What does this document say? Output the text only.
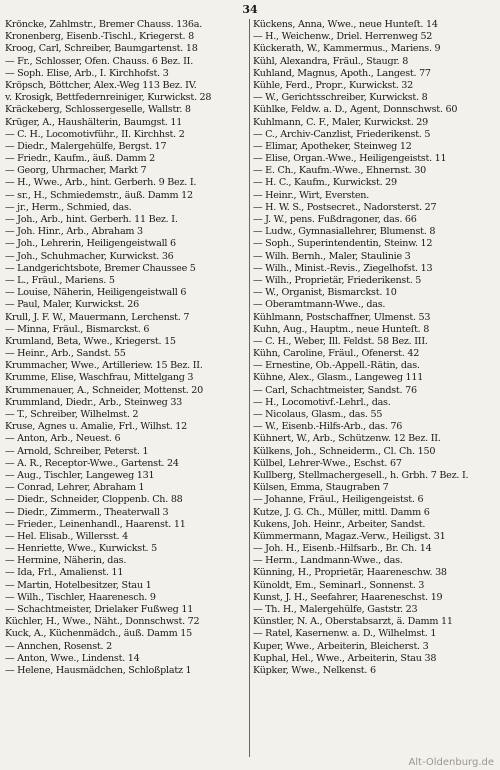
34
Kröncke, Zahlmstr., Bremer Chauss. 136a.
Kronenberg, Eisenb.-Tischl., Kriegerst. 8
Kroog, Carl, Schreiber, Baumgartenst. 18
— Fr., Schlosser, Ofen. Chauss. 6 Bez. II.
— Soph. Elise, Arb., I. Kirchhofst. 3
Kröpsch, Böttcher, Alex.-Weg 113 Bez. IV.
v. Krosigk, Bettfedernreiniger, Kurwickst. 28
Kräckeberg, Schlossergeselle, Wallstr. 8
Krüger, A., Haushälterin, Baumgst. 11
— C. H., Locomotivführ., II. Kirchhst. 2
— Diedr., Malergehülfe, Bergst. 17
— Friedr., Kaufm., äuß. Damm 2
— Georg, Uhrmacher, Markt 7
— H., Wwe., Arb., hint. Gerberh. 9 Bez. I.
— sr., H., Schmiedemstr., äuß. Damm 12
— jr., Herm., Schmied, das.
— Joh., Arb., hint. Gerberh. 11 Bez. I.
— Joh. Hinr., Arb., Abraham 3
— Joh., Lehrerin, Heiligengeistwall 6
— Joh., Schuhmacher, Kurwickst. 36
— Landgerichtsbote, Bremer Chaussee 5
— L., Fräul., Mariens. 5
— Louise, Näherin, Heiligengeistwall 6
— Paul, Maler, Kurwickst. 26
Krull, J. F. W., Mauermann, Lerchenst. 7
— Minna, Fräul., Bismarckst. 6
Krumland, Beta, Wwe., Kriegerst. 15
— Heinr., Arb., Sandst. 55
Krummacher, Wwe., Artilleriew. 15 Bez. II.
Krumme, Elise, Waschfrau, Mittelgang 3
Krummenauer, A., Schneider, Mottenst. 20
Krummland, Diedr., Arb., Steinweg 33
— T., Schreiber, Wilhelmst. 2
Kruse, Agnes u. Amalie, Frl., Wilhst. 12
— Anton, Arb., Neuest. 6
— Arnold, Schreiber, Peterst. 1
— A. R., Receptor-Wwe., Gartenst. 24
— Aug., Tischler, Langeweg 131
— Conrad, Lehrer, Abraham 1
— Diedr., Schneider, Cloppenb. Ch. 88
— Diedr., Zimmerm., Theaterwall 3
— Frieder., Leinenhandl., Haarenst. 11
— Hel. Elisab., Willersst. 4
— Henriette, Wwe., Kurwickst. 5
— Hermine, Näherin, das.
— Ida, Frl., Amalienst. 11
— Martin, Hotelbesitzer, Stau 1
— Wilh., Tischler, Haarenesch. 9
— Schachtmeister, Drielaker Fußweg 11
Küchler, H., Wwe., Näht., Donnschwst. 72
Kuck, A., Küchenmädch., äuß. Damm 15
— Annchen, Rosenst. 2
— Anton, Wwe., Lindenst. 14
— Helene, Hausmädchen, Schloßplatz 1
Kückens, Anna, Wwe., neue Hunteſt. 14
— H., Weichenw., Driel. Herrenweg 52
Kückerath, W., Kammermus., Mariens. 9
Kühl, Alexandra, Fräul., Staugr. 8
Kuhland, Magnus, Apoth., Langest. 77
Kühle, Ferd., Propr., Kurwickst. 32
— W., Gerichtsschreiber, Kurwickst. 8
Kühlke, Feldw. a. D., Agent, Donnschwst. 60
Kuhlmann, C. F., Maler, Kurwickst. 29
— C., Archiv-Canzlist, Friederikenst. 5
— Elimar, Apotheker, Steinweg 12
— Elise, Organ.-Wwe., Heiligengeistst. 11
— E. Ch., Kaufm.-Wwe., Ehnernst. 30
— H. C., Kaufm., Kurwickst. 29
— Heinr., Wirt, Eversten.
— H. W. S., Postsecret., Nadorsterst. 27
— J. W., pens. Fußdragoner, das. 66
— Ludw., Gymnasiallehrer, Blumenst. 8
— Soph., Superintendentin, Steinw. 12
— Wilh. Bernh., Maler, Staulinie 3
— Wilh., Minist.-Revis., Ziegelhofst. 13
— Wilh., Proprietär, Friederikenst. 5
— W., Organist, Bismarckst. 10
— Oberamtmann-Wwe., das.
Kühlmann, Postschaffner, Ulmenst. 53
Kuhn, Aug., Hauptm., neue Hunteſt. 8
— C. H., Weber, Ill. Feldst. 58 Bez. III.
Kühn, Caroline, Fräul., Ofenerst. 42
— Ernestine, Ob.-Appell.-Rätin, das.
Kühne, Alex., Glasm., Langeweg 111
— Carl, Schachtmeister, Sandst. 76
— H., Locomotivf.-Lehrl., das.
— Nicolaus, Glasm., das. 55
— W., Eisenb.-Hilfs-Arb., das. 76
Kühnert, W., Arb., Schützenw. 12 Bez. II.
Külkens, Joh., Schneiderm., Cl. Ch. 150
Külbel, Lehrer-Wwe., Eschst. 67
Kullberg, Stellmachergesell., h. Grbh. 7 Bez. I.
Külsen, Emma, Staugraben 7
— Johanne, Fräul., Heiligengeistst. 6
Kutze, J. G. Ch., Müller, mittl. Damm 6
Kukens, Joh. Heinr., Arbeiter, Sandst.
Kümmermann, Magaz.-Verw., Heiligst. 31
— Joh. H., Eisenb.-Hilfsarb., Br. Ch. 14
— Herm., Landmann-Wwe., das.
Künning, H., Proprietär, Haareneschw. 38
Künoldt, Em., Seminarl., Sonnenst. 3
Kunst, J. H., Seefahrer, Haareneschst. 19
— Th. H., Malergehülfe, Gaststr. 23
Künstler, N. A., Oberstabsarzt, ä. Damm 11
— Ratel, Kasernenw. a. D., Wilhelmst. 1
Kuper, Wwe., Arbeiterin, Bleicherst. 3
Kuphal, Hel., Wwe., Arbeiterin, Stau 38
Küpker, Wwe., Nelkenst. 6
Alt-Oldenburg.de
